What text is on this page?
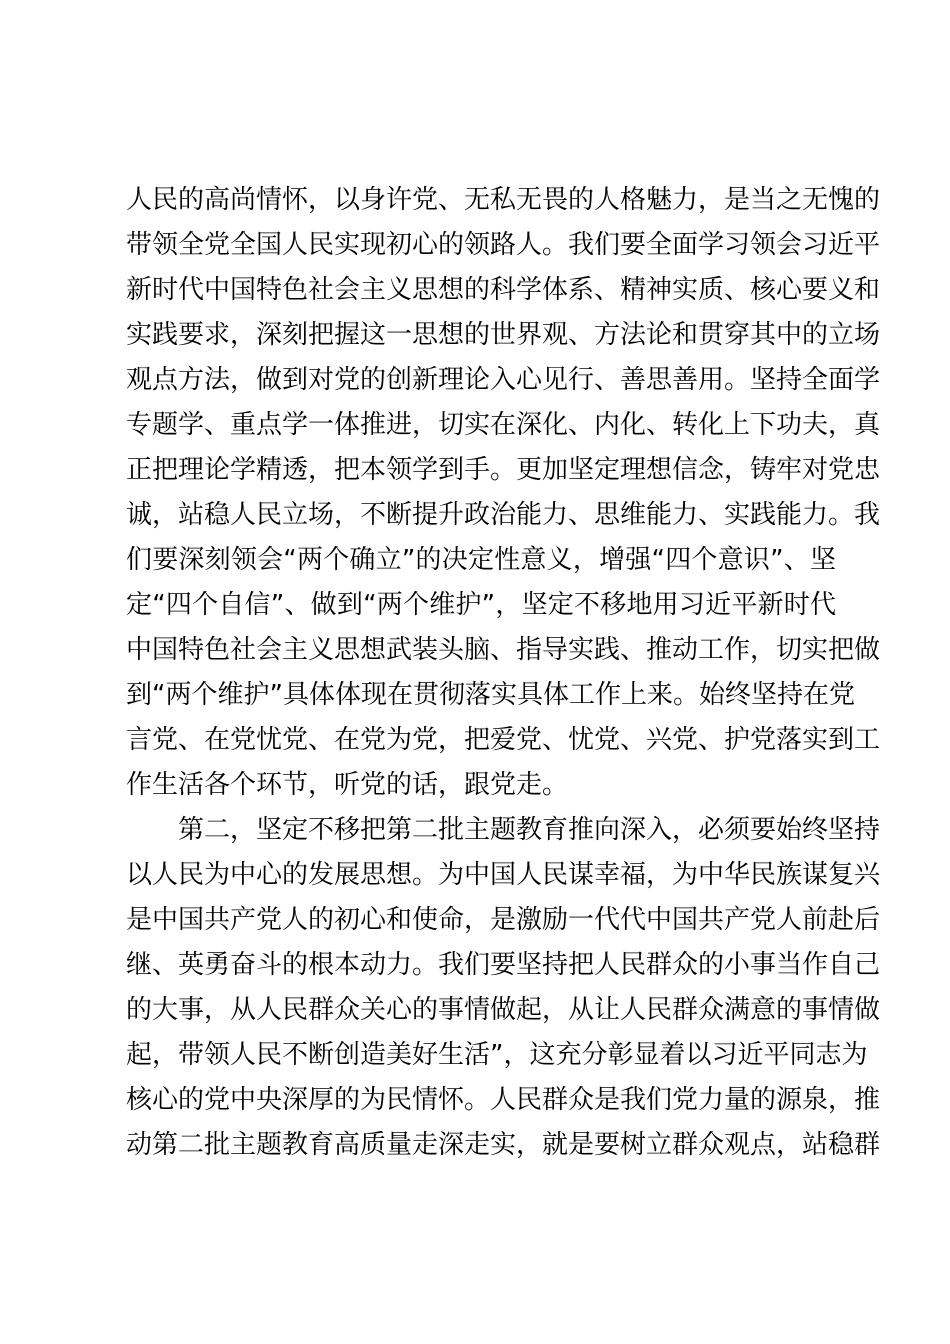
人民的高尚情怀，以身许党、无私无畏的人格魅力，是当之无愧的
带领全党全国人民实现初心的领路人。我们要全面学习领会习近平
新时代中国特色社会主义思想的科学体系、精神实质、核心要义和
实践要求，深刻把握这一思想的世界观、方法论和贯穿其中的立场
观点方法，做到对党的创新理论入心见行、善思善用。坚持全面学
专题学、重点学一体推进，切实在深化、内化、转化上下功夫，真
正把理论学精透，把本领学到手。更加坚定理想信念，铸牢对党忠
诚，站稳人民立场，不断提升政治能力、思维能力、实践能力。我
们要深刻领会“两个确立”的决定性意义，增强“四个意识”、坚
定“四个自信”、做到“两个维护”，坚定不移地用习近平新时代
中国特色社会主义思想武装头脑、指导实践、推动工作，切实把做
到“两个维护”具体体现在贯彻落实具体工作上来。始终坚持在党
言党、在党忧党、在党为党，把爱党、忧党、兴党、护党落实到工
作生活各个环节，听党的话，跟党走。
第二，坚定不移把第二批主题教育推向深入，必须要始终坚持
以人民为中心的发展思想。为中国人民谋幸福，为中华民族谋复兴
是中国共产党人的初心和使命，是激励一代代中国共产党人前赴后
继、英勇奋斗的根本动力。我们要坚持把人民群众的小事当作自己
的大事，从人民群众关心的事情做起，从让人民群众满意的事情做
起，带领人民不断创造美好生活”，这充分彰显着以习近平同志为
核心的党中央深厚的为民情怀。人民群众是我们党力量的源泉，推
动第二批主题教育高质量走深走实，就是要树立群众观点，站稳群
